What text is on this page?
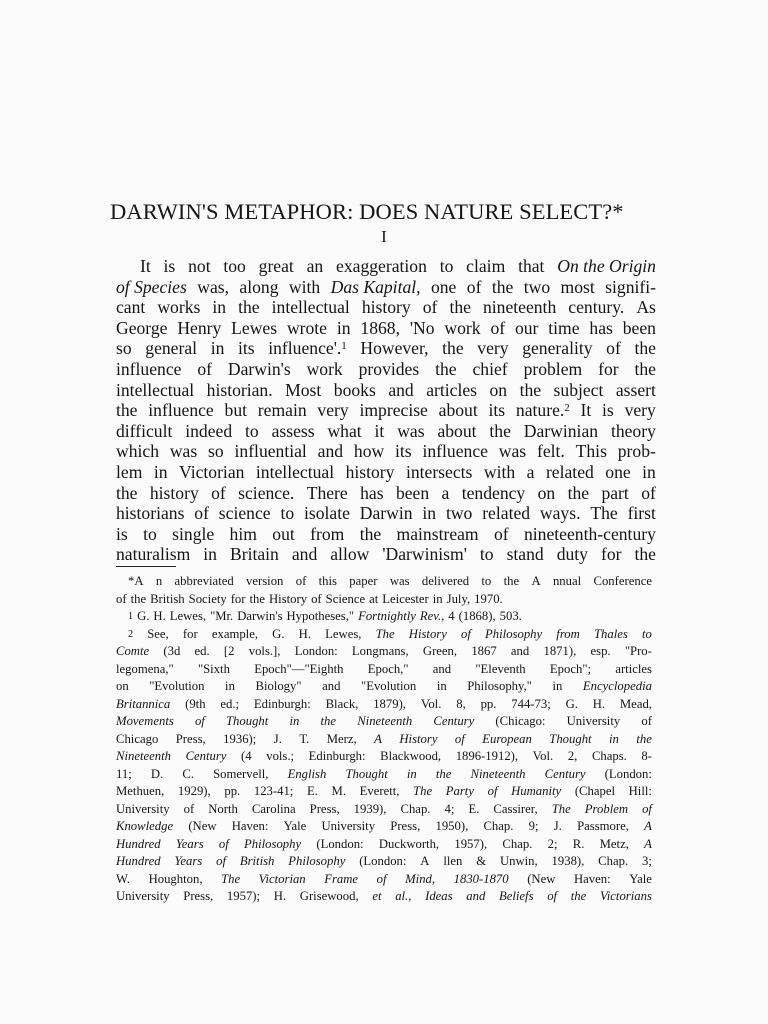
DARWIN'S METAPHOR: DOES NATURE SELECT?*
I
It is not too great an exaggeration to claim that On the Origin
of Species was, along with Das Kapital, one of the two most signifi-
cant works in the intellectual history of the nineteenth century. As
George Henry Lewes wrote in 1868, 'No work of our time has been
so general in its influence'.$^1$ However, the very generality of the
influence of Darwin's work provides the chief problem for the
intellectual historian. Most books and articles on the subject assert
the influence but remain very imprecise about its nature.$^2$ It is very
difficult indeed to assess what it was about the Darwinian theory
which was so influential and how its influence was felt. This prob-
lem in Victorian intellectual history intersects with a related one in
the history of science. There has been a tendency on the part of
historians of science to isolate Darwin in two related ways. The first
is to single him out from the mainstream of nineteenth-century
naturalism in Britain and allow 'Darwinism' to stand duty for the
*A n abbreviated version of this paper was delivered to the A nnual Conference
of the British Society for the History of Science at Leicester in July, 1970.
1 G. H. Lewes, "Mr. Darwin's Hypotheses," Fortnightly Rev., 4 (1868), 503.
2 See, for example, G. H. Lewes, The History of Philosophy from Thales to
Comte (3d ed. [2 vols.], London: Longmans, Green, 1867 and 1871), esp. "Pro-
legomena," "Sixth Epoch"—"Eighth Epoch," and "Eleventh Epoch"; articles
on "Evolution in Biology" and "Evolution in Philosophy," in Encyclopedia
Britannica (9th ed.; Edinburgh: Black, 1879), Vol. 8, pp. 744-73; G. H. Mead,
Movements of Thought in the Nineteenth Century (Chicago: University of
Chicago Press, 1936); J. T. Merz, A History of European Thought in the
Nineteenth Century (4 vols.; Edinburgh: Blackwood, 1896-1912), Vol. 2, Chaps. 8-
11; D. C. Somervell, English Thought in the Nineteenth Century (London:
Methuen, 1929), pp. 123-41; E. M. Everett, The Party of Humanity (Chapel Hill:
University of North Carolina Press, 1939), Chap. 4; E. Cassirer, The Problem of
Knowledge (New Haven: Yale University Press, 1950), Chap. 9; J. Passmore, A
Hundred Years of Philosophy (London: Duckworth, 1957), Chap. 2; R. Metz, A
Hundred Years of British Philosophy (London: A llen & Unwin, 1938), Chap. 3;
W. Houghton, The Victorian Frame of Mind, 1830-1870 (New Haven: Yale
University Press, 1957); H. Grisewood, et al., Ideas and Beliefs of the Victorians
